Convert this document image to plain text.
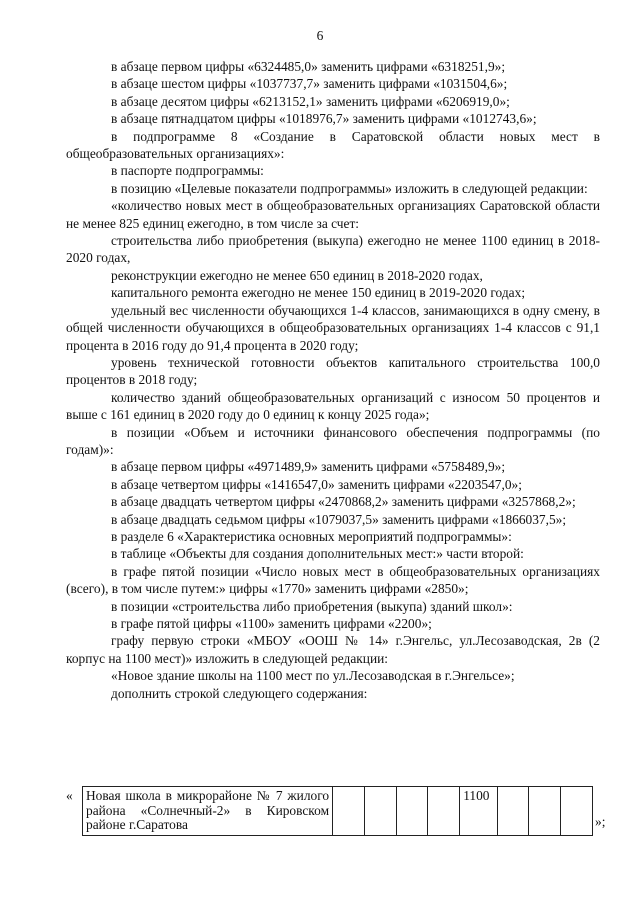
6

в абзаце первом цифры «6324485,0» заменить цифрами «6318251,9»;

в абзаце шестом цифры «1037737,7» заменить цифрами «1031504,6»;

в абзаце десятом цифры «6213152,1» заменить цифрами «6206919,0»;

в абзаце пятнадцатом цифры «1018976,7» заменить цифрами «1012743,6»;

в подпрограмме 8 «Создание в Саратовской области новых мест в общеобразовательных организациях»:

в паспорте подпрограммы:

в позицию «Целевые показатели подпрограммы» изложить в следующей редакции:

«количество новых мест в общеобразовательных организациях Саратовской области не менее 825 единиц ежегодно, в том числе за счет:

строительства либо приобретения (выкупа) ежегодно не менее 1100 единиц в 2018-2020 годах,

реконструкции ежегодно не менее 650 единиц в 2018-2020 годах,

капитального ремонта ежегодно не менее 150 единиц в 2019-2020 годах;

удельный вес численности обучающихся 1-4 классов, занимающихся в одну смену, в общей численности обучающихся в общеобразовательных организациях 1-4 классов с 91,1 процента в 2016 году до 91,4 процента в 2020 году;

уровень технической готовности объектов капитального строительства 100,0 процентов в 2018 году;

количество зданий общеобразовательных организаций с износом 50 процентов и выше с 161 единиц в 2020 году до 0 единиц к концу 2025 года»;

в позиции «Объем и источники финансового обеспечения подпрограммы (по годам)»:

в абзаце первом цифры «4971489,9» заменить цифрами «5758489,9»;

в абзаце четвертом цифры «1416547,0» заменить цифрами «2203547,0»;

в абзаце двадцать четвертом цифры «2470868,2» заменить цифрами «3257868,2»;

в абзаце двадцать седьмом цифры «1079037,5» заменить цифрами «1866037,5»;

в разделе 6 «Характеристика основных мероприятий подпрограммы»:

в таблице «Объекты для создания дополнительных мест:» части второй:

в графе пятой позиции «Число новых мест в общеобразовательных организациях (всего), в том числе путем:» цифры «1770» заменить цифрами «2850»;

в позиции «строительства либо приобретения (выкупа) зданий школ»:

в графе пятой цифры «1100» заменить цифрами «2200»;

графу первую строки «МБОУ «ООШ № 14» г.Энгельс, ул.Лесозаводская, 2в (2 корпус на 1100 мест)» изложить в следующей редакции:

«Новое здание школы на 1100 мест по ул.Лесозаводская в г.Энгельсе»;

дополнить строкой следующего содержания:

« Новая школа в микрорайоне № 7 жилого района «Солнечный-2» в Кировском районе г.Саратова					1100			
»;
